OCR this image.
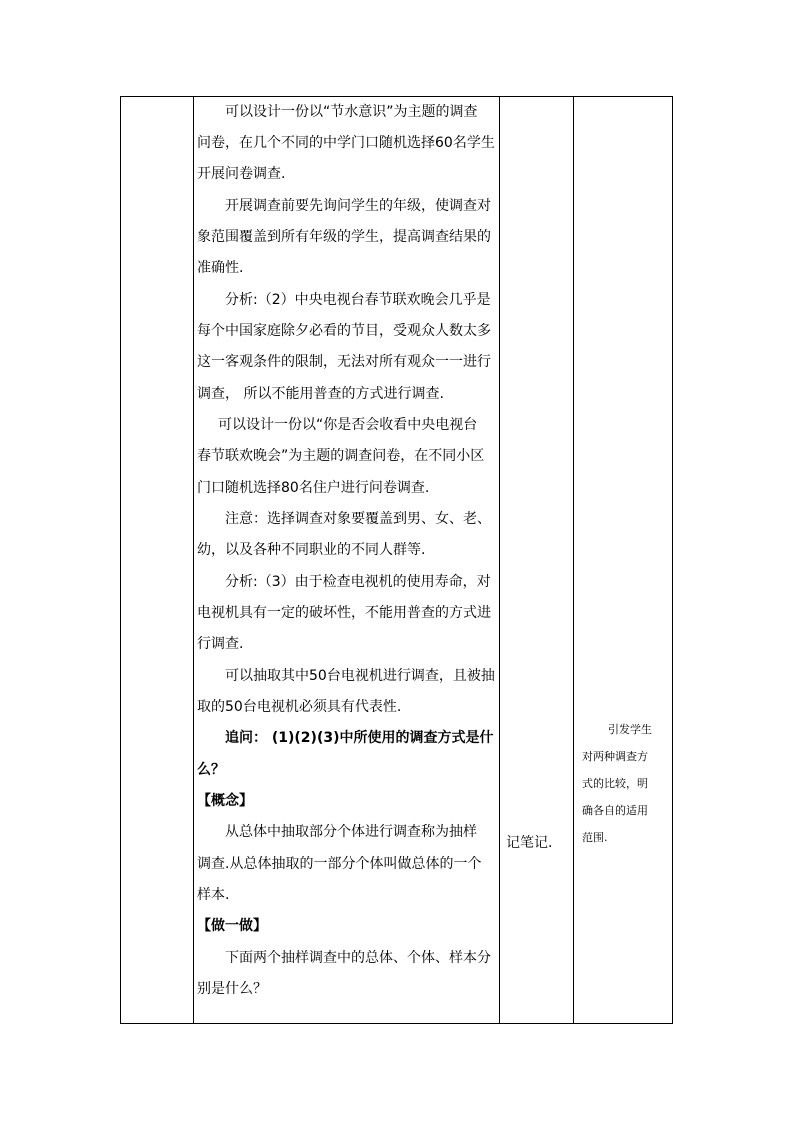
可以设计一份以“节水意识”为主题的调查
问卷，在几个不同的中学门口随机选择60名学生
开展问卷调查.
开展调查前要先询问学生的年级，使调查对
象范围覆盖到所有年级的学生，提高调查结果的
准确性.
分析:（2）中央电视台春节联欢晚会几乎是
每个中国家庭除夕必看的节目，受观众人数太多
这一客观条件的限制，无法对所有观众一一进行
调查， 所以不能用普查的方式进行调查.
可以设计一份以“你是否会收看中央电视台
春节联欢晚会”为主题的调查问卷，在不同小区
门口随机选择80名住户进行问卷调查.
注意：选择调查对象要覆盖到男、女、老、
幼，以及各种不同职业的不同人群等.
分析:（3）由于检查电视机的使用寿命，对
电视机具有一定的破坏性，不能用普查的方式进
行调查.
可以抽取其中50台电视机进行调查，且被抽
取的50台电视机必须具有代表性.
追问： (1)(2)(3)中所使用的调查方式是什
么？
【概念】
从总体中抽取部分个体进行调查称为抽样
调查.从总体抽取的一部分个体叫做总体的一个
样本.
【做一做】
下面两个抽样调查中的总体、个体、样本分
别是什么？
记笔记.
引发学生
对两种调查方
式的比较，明
确各自的适用
范围.
